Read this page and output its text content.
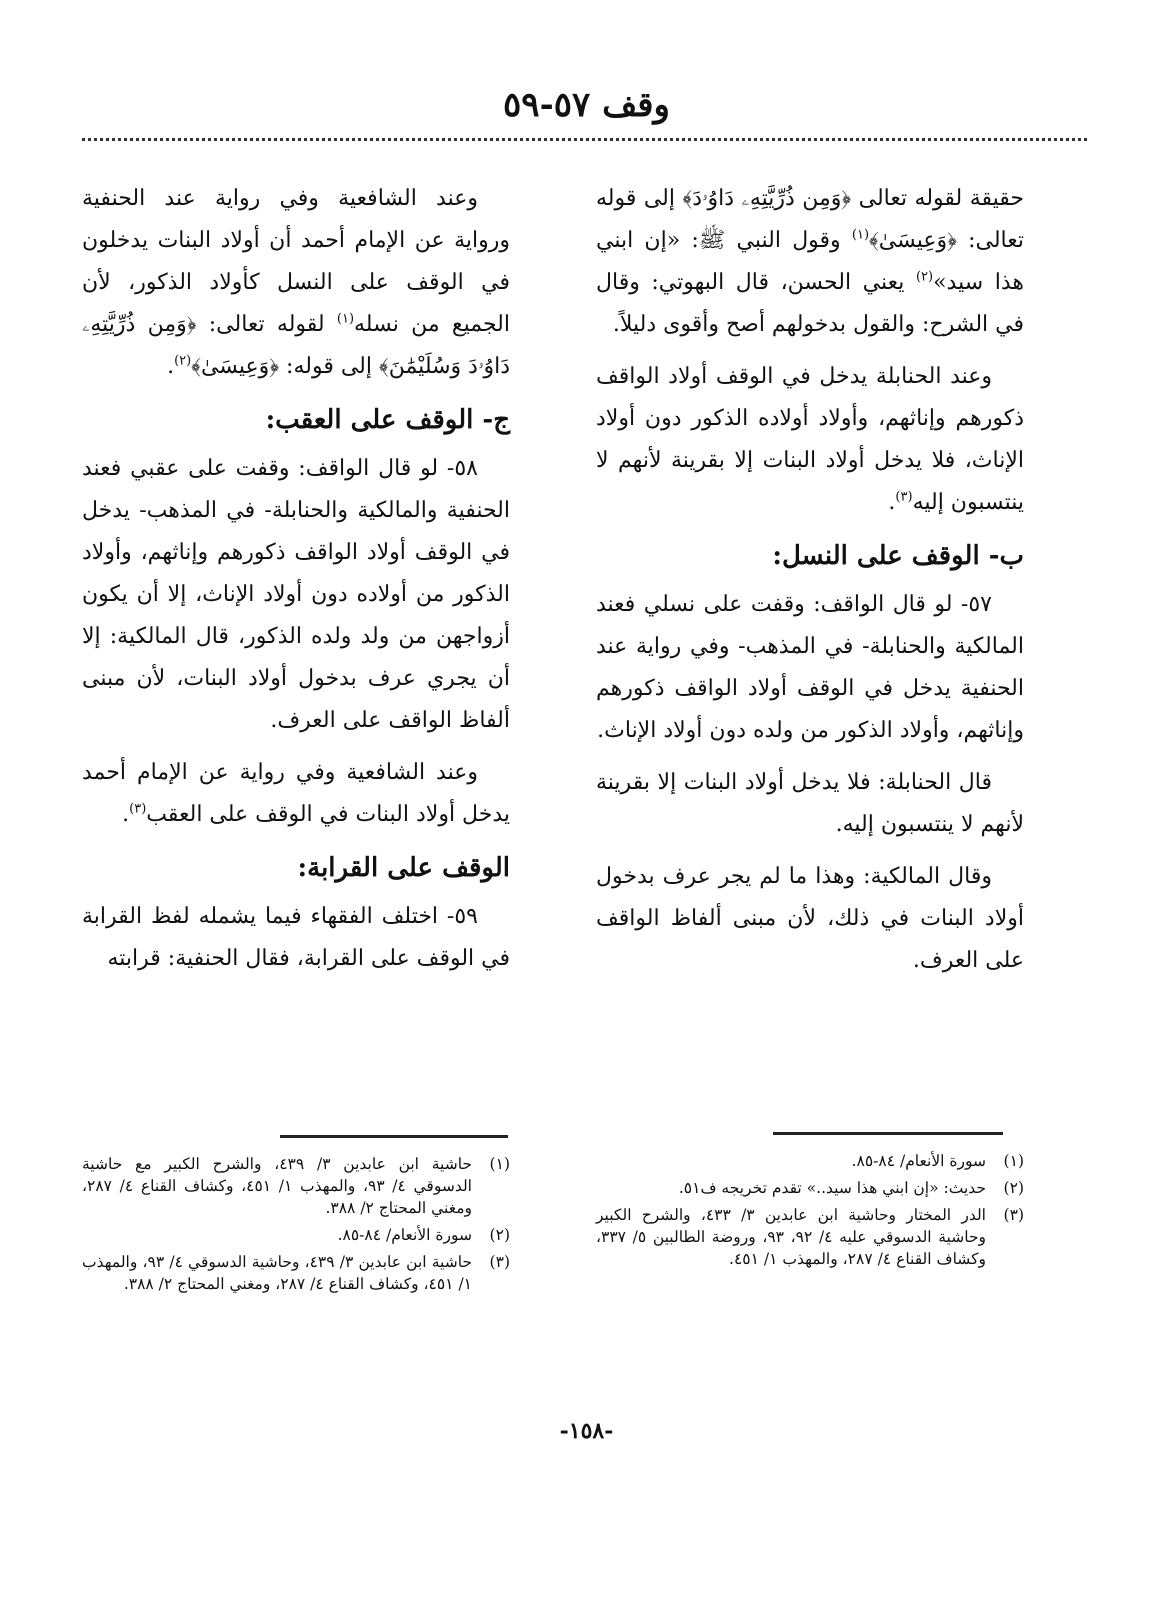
وقف ٥٧-٥٩

حقيقة لقوله تعالى ﴿وَمِن ذُرِّيَّتِهِۦ دَاوُۥدَ﴾ إلى قوله تعالى: ﴿وَعِيسَىٰ﴾$^{(١)}$ وقول النبي ﷺ: «إن ابني هذا سيد»$^{(٢)}$ يعني الحسن، قال البهوتي: وقال في الشرح: والقول بدخولهم أصح وأقوى دليلاً.

وعند الحنابلة يدخل في الوقف أولاد الواقف ذكورهم وإناثهم، وأولاد أولاده الذكور دون أولاد الإناث، فلا يدخل أولاد البنات إلا بقرينة لأنهم لا ينتسبون إليه$^{(٣)}$.

ب- الوقف على النسل:

٥٧- لو قال الواقف: وقفت على نسلي فعند المالكية والحنابلة- في المذهب- وفي رواية عند الحنفية يدخل في الوقف أولاد الواقف ذكورهم وإناثهم، وأولاد الذكور من ولده دون أولاد الإناث.

قال الحنابلة: فلا يدخل أولاد البنات إلا بقرينة لأنهم لا ينتسبون إليه.

وقال المالكية: وهذا ما لم يجر عرف بدخول أولاد البنات في ذلك، لأن مبنى ألفاظ الواقف على العرف.

وعند الشافعية وفي رواية عند الحنفية ورواية عن الإمام أحمد أن أولاد البنات يدخلون في الوقف على النسل كأولاد الذكور، لأن الجميع من نسله$^{(١)}$ لقوله تعالى: ﴿وَمِن ذُرِّيَّتِهِۦ دَاوُۥدَ وَسُلَيْمَٰنَ﴾ إلى قوله: ﴿وَعِيسَىٰ﴾$^{(٢)}$.

ج- الوقف على العقب:

٥٨- لو قال الواقف: وقفت على عقبي فعند الحنفية والمالكية والحنابلة- في المذهب- يدخل في الوقف أولاد الواقف ذكورهم وإناثهم، وأولاد الذكور من أولاده دون أولاد الإناث، إلا أن يكون أزواجهن من ولد ولده الذكور، قال المالكية: إلا أن يجري عرف بدخول أولاد البنات، لأن مبنى ألفاظ الواقف على العرف.

وعند الشافعية وفي رواية عن الإمام أحمد يدخل أولاد البنات في الوقف على العقب$^{(٣)}$.

الوقف على القرابة:

٥٩- اختلف الفقهاء فيما يشمله لفظ القرابة في الوقف على القرابة، فقال الحنفية: قرابته

(١)
سورة الأنعام/ ٨٤-٨٥.

(٢)
حديث: «إن ابني هذا سيد..» تقدم تخريجه ف٥١.

(٣)
الدر المختار وحاشية ابن عابدين ٣/ ٤٣٣، والشرح الكبير وحاشية الدسوقي عليه ٤/ ٩٢، ٩٣، وروضة الطالبين ٥/ ٣٣٧، وكشاف القناع ٤/ ٢٨٧، والمهذب ١/ ٤٥١.

(١)
حاشية ابن عابدين ٣/ ٤٣٩، والشرح الكبير مع حاشية الدسوقي ٤/ ٩٣، والمهذب ١/ ٤٥١، وكشاف القناع ٤/ ٢٨٧، ومغني المحتاج ٢/ ٣٨٨.

(٢)
سورة الأنعام/ ٨٤-٨٥.

(٣)
حاشية ابن عابدين ٣/ ٤٣٩، وحاشية الدسوقي ٤/ ٩٣، والمهذب ١/ ٤٥١، وكشاف القناع ٤/ ٢٨٧، ومغني المحتاج ٢/ ٣٨٨.

-١٥٨-
